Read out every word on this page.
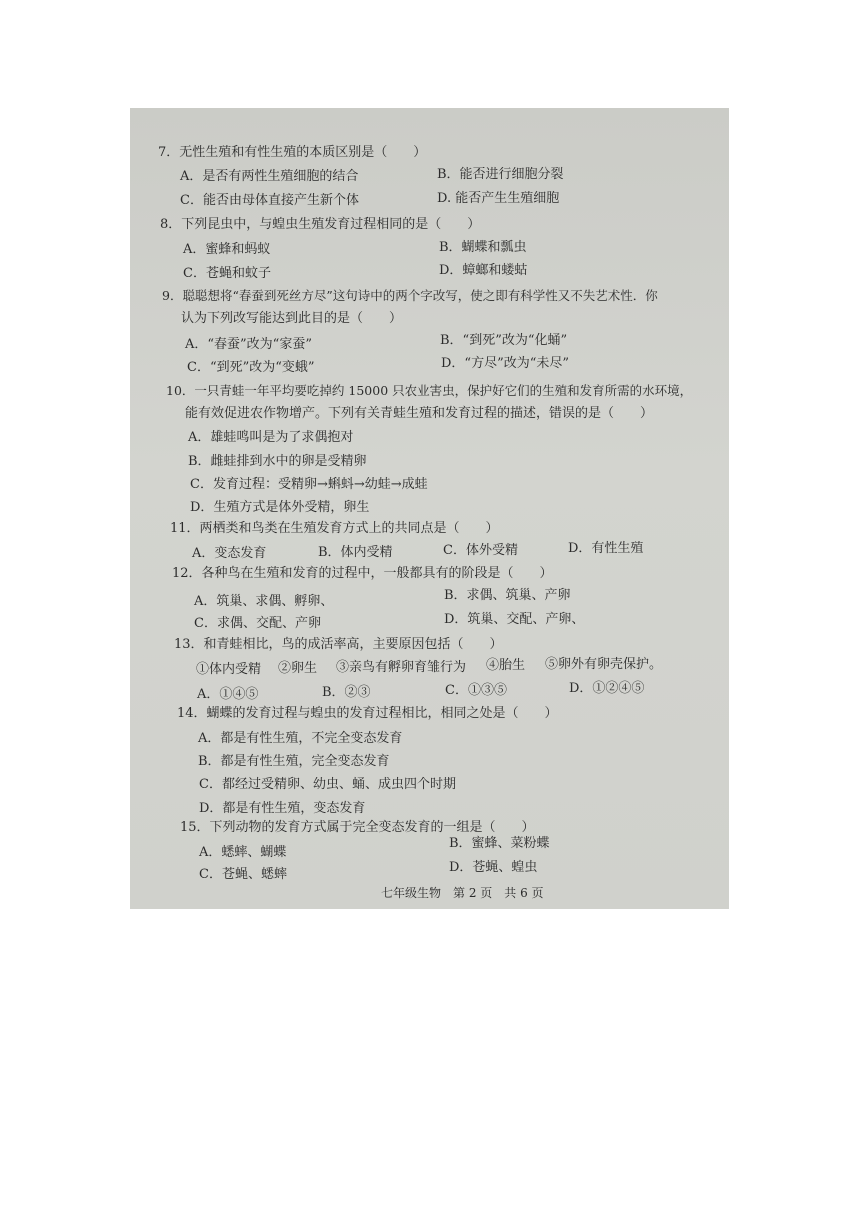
7．无性生殖和有性生殖的本质区别是（　　）
A．是否有两性生殖细胞的结合	B．能否进行细胞分裂
C．能否由母体直接产生新个体	D. 能否产生生殖细胞
8．下列昆虫中，与蝗虫生殖发育过程相同的是（　　）
A．蜜蜂和蚂蚁	B．蝴蝶和瓢虫
C．苍蝇和蚊子	D．蟑螂和蝼蛄
9．聪聪想将“春蚕到死丝方尽”这句诗中的两个字改写，使之即有科学性又不失艺术性．你
认为下列改写能达到此目的是（　　）
A．“春蚕”改为“家蚕”	B．“到死”改为“化蛹”
C．“到死”改为“变蛾”	D．“方尽”改为“未尽”
10．一只青蛙一年平均要吃掉约 15000 只农业害虫，保护好它们的生殖和发育所需的水环境，
能有效促进农作物增产。下列有关青蛙生殖和发育过程的描述，错误的是（　　）
A．雄蛙鸣叫是为了求偶抱对
B．雌蛙排到水中的卵是受精卵
C．发育过程：受精卵→蝌蚪→幼蛙→成蛙
D．生殖方式是体外受精，卵生
11．两栖类和鸟类在生殖发育方式上的共同点是（　　）
A．变态发育	B．体内受精	C．体外受精	D．有性生殖
12．各种鸟在生殖和发育的过程中，一般都具有的阶段是（　　）
A．筑巢、求偶、孵卵、	B．求偶、筑巢、产卵
C．求偶、交配、产卵	D．筑巢、交配、产卵、
13．和青蛙相比，鸟的成活率高，主要原因包括（　　）
①体内受精 ②卵生 ③亲鸟有孵卵育雏行为 ④胎生 ⑤卵外有卵壳保护。
A．①④⑤	B．②③	C．①③⑤	D．①②④⑤
14．蝴蝶的发育过程与蝗虫的发育过程相比，相同之处是（　　）
A．都是有性生殖，不完全变态发育
B．都是有性生殖，完全变态发育
C．都经过受精卵、幼虫、蛹、成虫四个时期
D．都是有性生殖，变态发育
15．下列动物的发育方式属于完全变态发育的一组是（　　）
A．蟋蟀、蝴蝶
B．蜜蜂、菜粉蝶
C．苍蝇、蟋蟀	D．苍蝇、蝗虫
七年级生物　第 2 页　共 6 页
